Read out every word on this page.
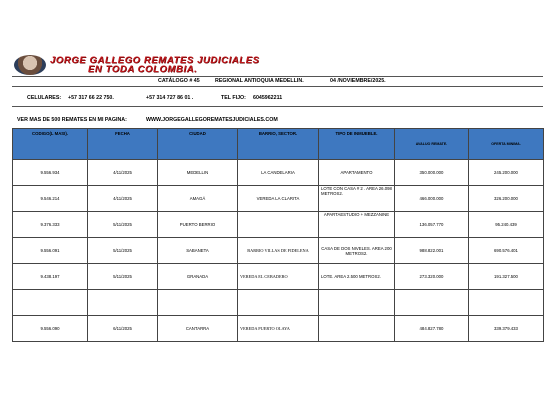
JORGE GALLEGO REMATES JUDICIALES
EN TODA COLOMBIA.
CATÁLOGO # 45	REGIONAL ANTIOQUIA MEDELLIN.	04 /NOVIEMBRE/2025.
CELULARES: +57 317 66 22 750.	+57 314 727 86 01 .	TEL FIJO: 6045962211
VER MAS DE 500 REMATES EN MI PAGINA:	WWW.JORGEGALLEGOREMATESJUDICIALES.COM
CODIGO(L MASI).	FECHA	CIUDAD	BARRIO, SECTOR.	TIPO DE INMUEBLE.	AVALUO REMATE.	OFERTA MINIMA.
9.556.934	4/11/2025	MEDELLIN	LA CANDELARIA	APARTAMENTO	350.000.000	245.200.000
9.546.214	4/11/2025	AMAGÁ	VEREDA LA CLARITA	LOTE CON CASA # 2 . AREA 26.098 METROS2.	466.000.000	326.200.000
9.376.333	5/11/2025	PUERTO BERRIO		APARTAESTUDIO + MEZZANINE	136.057.770	95.240.439
9.556.091	5/11/2025	SABANETA	BARRIO VILLAS DE FIDELENA	CASA DE DOS NIVELES. AREA 200 METROS2.	988.822.001	690.576.401
9.438.197	5/11/2025	GRANADA	VEREDA EL CEBADERO	LOTE. AREA 2.500 METROS2.	273.320.000	191.327.500

9.556.090	6/11/2025	CANTARRA	VEREDA PUERTO OLAYA		484.827.780	339.379.433
